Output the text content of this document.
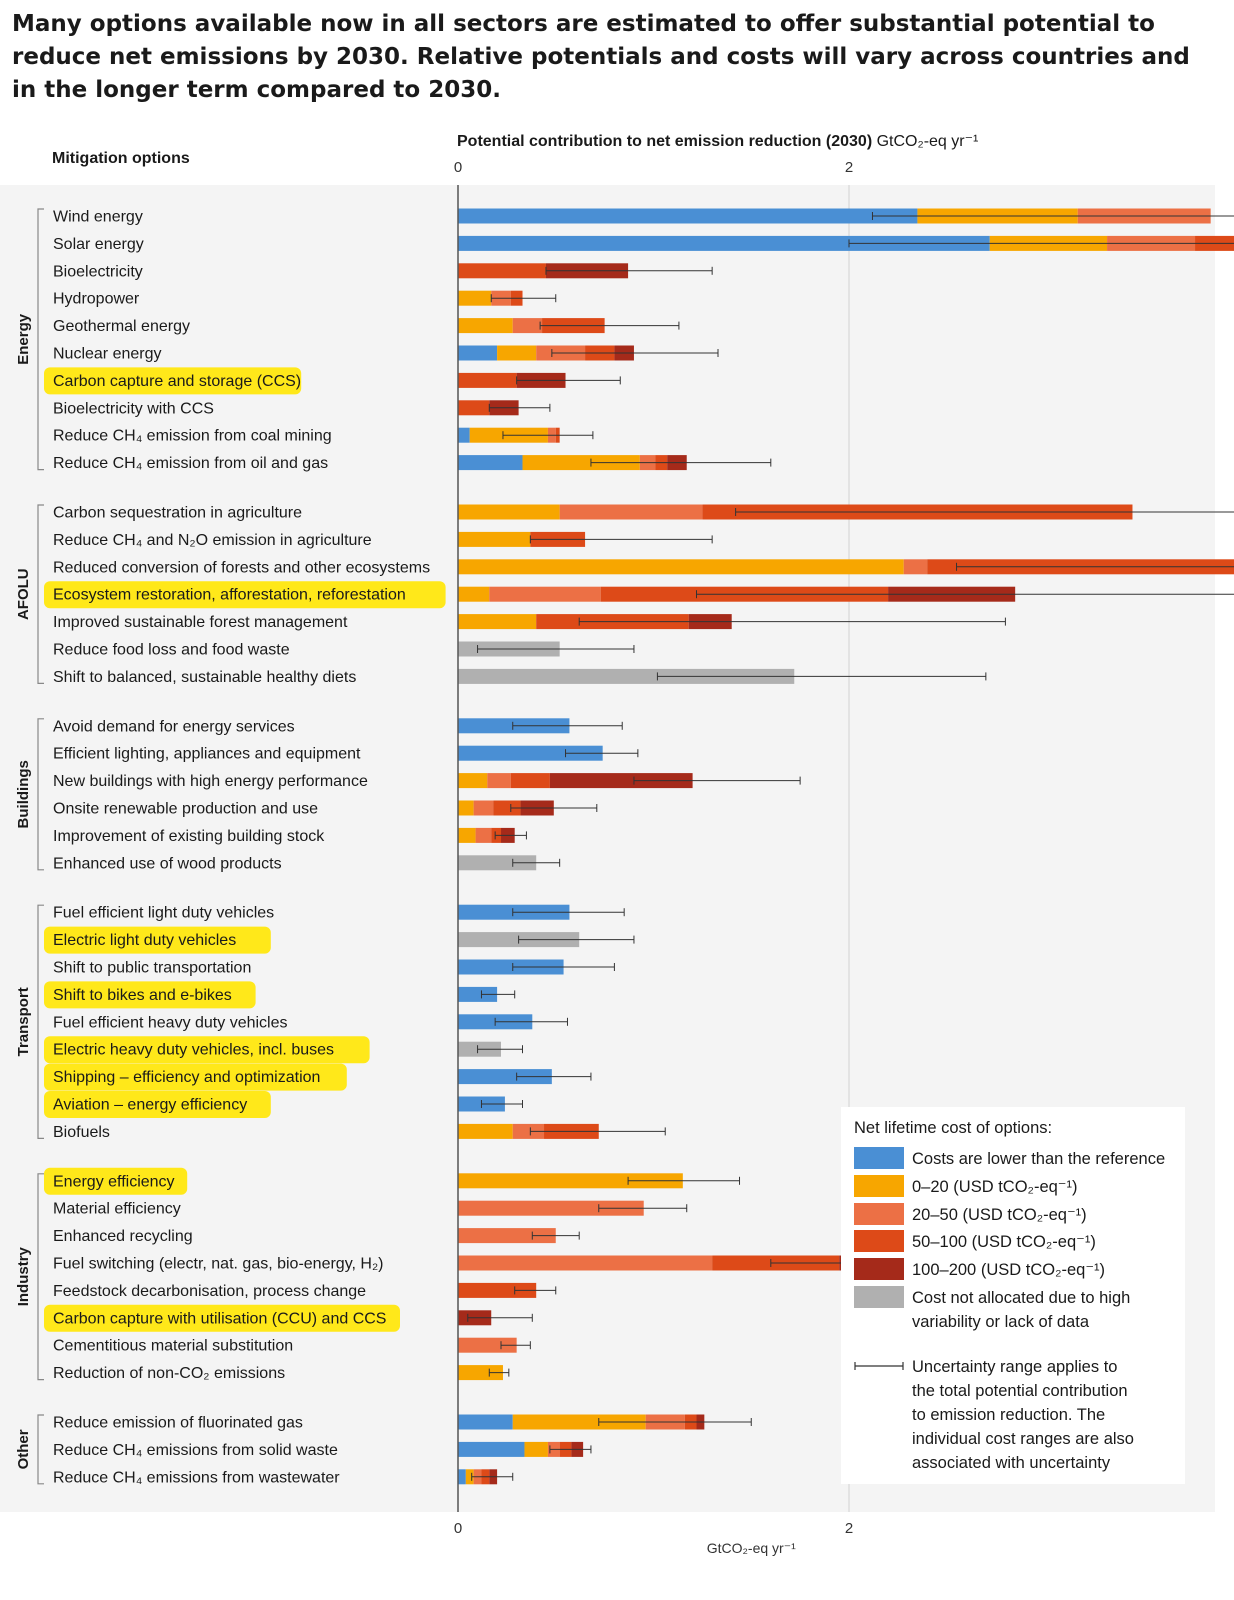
Many options available now in all sectors are estimated to offer substantial potential to reduce net emissions by 2030. Relative potentials and costs will vary across countries and in the longer term compared to 2030.
Potential contribution to net emission reduction (2030) GtCO₂-eq yr⁻¹
Mitigation options
0
0
2
2
GtCO₂-eq yr⁻¹
Wind energy
Solar energy
Bioelectricity
Hydropower
Geothermal energy
Nuclear energy
Carbon capture and storage (CCS)
Bioelectricity with CCS
Reduce CH₄ emission from coal mining
Reduce CH₄ emission from oil and gas
Energy
Carbon sequestration in agriculture
Reduce CH₄ and N₂O emission in agriculture
Reduced conversion of forests and other ecosystems
Ecosystem restoration, afforestation, reforestation
Improved sustainable forest management
Reduce food loss and food waste
Shift to balanced, sustainable healthy diets
AFOLU
Avoid demand for energy services
Efficient lighting, appliances and equipment
New buildings with high energy performance
Onsite renewable production and use
Improvement of existing building stock
Enhanced use of wood products
Buildings
Fuel efficient light duty vehicles
Electric light duty vehicles
Shift to public transportation
Shift to bikes and e-bikes
Fuel efficient heavy duty vehicles
Electric heavy duty vehicles, incl. buses
Shipping – efficiency and optimization
Aviation – energy efficiency
Biofuels
Transport
Energy efficiency
Material efficiency
Enhanced recycling
Fuel switching (electr, nat. gas, bio-energy, H₂)
Feedstock decarbonisation, process change
Carbon capture with utilisation (CCU) and CCS
Cementitious material substitution
Reduction of non-CO₂ emissions
Industry
Reduce emission of fluorinated gas
Reduce CH₄ emissions from solid waste
Reduce CH₄ emissions from wastewater
Other
Net lifetime cost of options:
Costs are lower than the reference
0–20 (USD tCO₂-eq⁻¹)
20–50 (USD tCO₂-eq⁻¹)
50–100 (USD tCO₂-eq⁻¹)
100–200 (USD tCO₂-eq⁻¹)
Cost not allocated due to high
variability or lack of data
Uncertainty range applies to
the total potential contribution
to emission reduction. The
individual cost ranges are also
associated with uncertainty
